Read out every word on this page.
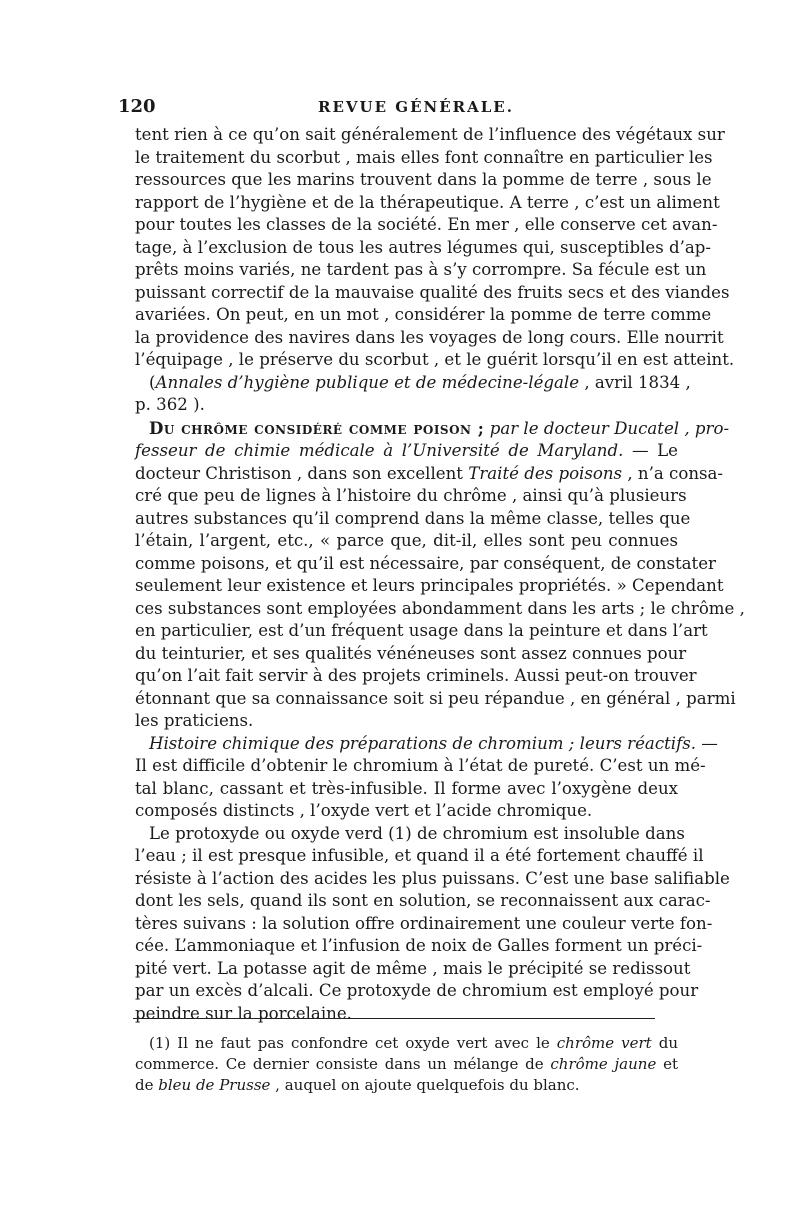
120	REVUE GÉNÉRALE.

tent rien à ce qu’on sait généralement de l’influence des végétaux sur
le traitement du scorbut , mais elles font connaître en particulier les
ressources que les marins trouvent dans la pomme de terre , sous le
rapport de l’hygiène et de la thérapeutique. A terre , c’est un aliment
pour toutes les classes de la société. En mer , elle conserve cet avan-
tage, à l’exclusion de tous les autres légumes qui, susceptibles d’ap-
prêts moins variés, ne tardent pas à s’y corrompre. Sa fécule est un
puissant correctif de la mauvaise qualité des fruits secs et des viandes
avariées. On peut, en un mot , considérer la pomme de terre comme
la providence des navires dans les voyages de long cours. Elle nourrit
l’équipage , le préserve du scorbut , et le guérit lorsqu’il en est atteint.
(Annales d’hygiène publique et de médecine-légale , avril 1834 ,
p. 362 ).

Du chrôme considéré comme poison ; par le docteur Ducatel , pro-
fesseur de chimie médicale à l’Université de Maryland. — Le
docteur Christison , dans son excellent Traité des poisons , n’a consa-
cré que peu de lignes à l’histoire du chrôme , ainsi qu’à plusieurs
autres substances qu’il comprend dans la même classe, telles que
l’étain, l’argent, etc., « parce que, dit-il, elles sont peu connues
comme poisons, et qu’il est nécessaire, par conséquent, de constater
seulement leur existence et leurs principales propriétés. » Cependant
ces substances sont employées abondamment dans les arts ; le chrôme ,
en particulier, est d’un fréquent usage dans la peinture et dans l’art
du teinturier, et ses qualités vénéneuses sont assez connues pour
qu’on l’ait fait servir à des projets criminels. Aussi peut-on trouver
étonnant que sa connaissance soit si peu répandue , en général , parmi
les praticiens.

Histoire chimique des préparations de chromium ; leurs réactifs. —
Il est difficile d’obtenir le chromium à l’état de pureté. C’est un mé-
tal blanc, cassant et très-infusible. Il forme avec l’oxygène deux
composés distincts , l’oxyde vert et l’acide chromique.

Le protoxyde ou oxyde verd (1) de chromium est insoluble dans
l’eau ; il est presque infusible, et quand il a été fortement chauffé il
résiste à l’action des acides les plus puissans. C’est une base salifiable
dont les sels, quand ils sont en solution, se reconnaissent aux carac-
tères suivans : la solution offre ordinairement une couleur verte fon-
cée. L’ammoniaque et l’infusion de noix de Galles forment un préci-
pité vert. La potasse agit de même , mais le précipité se redissout
par un excès d’alcali. Ce protoxyde de chromium est employé pour
peindre sur la porcelaine.

(1) Il ne faut pas confondre cet oxyde vert avec le chrôme vert du
commerce. Ce dernier consiste dans un mélange de chrôme jaune et
de bleu de Prusse , auquel on ajoute quelquefois du blanc.
